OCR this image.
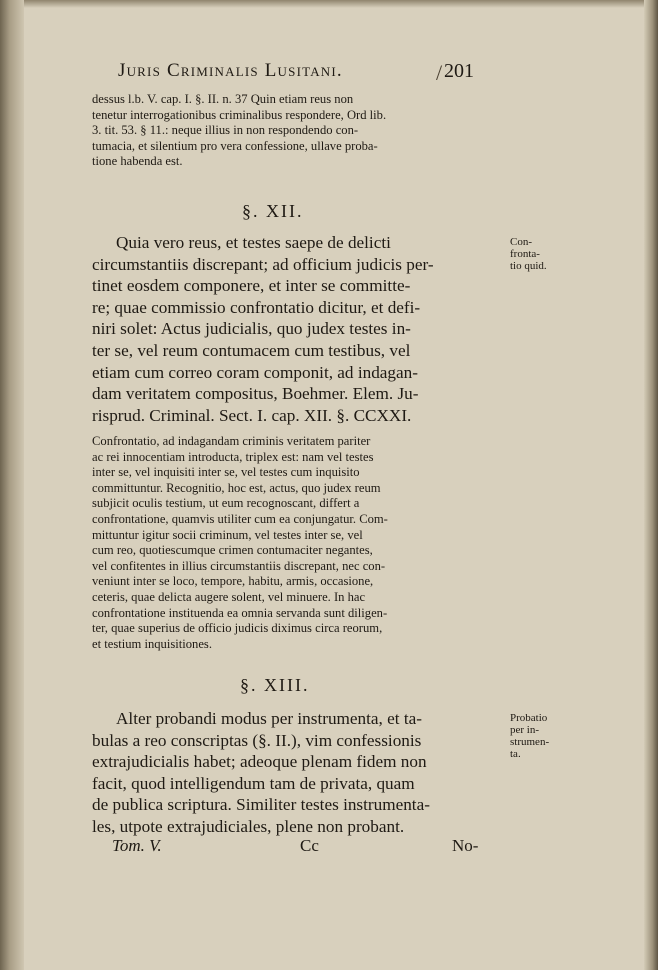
Juris Criminalis Lusitani.	201
/
dessus l.b. V. cap. I. §. II. n. 37 Quin etiam reus non
tenetur interrogationibus criminalibus respondere, Ord lib.
3. tit. 53. § 11.: neque illius in non respondendo con-
tumacia, et silentium pro vera confessione, ullave proba-
tione habenda est.
§. XII.
Quia vero reus, et testes saepe de delicti
circumstantiis discrepant; ad officium judicis per-
tinet eosdem componere, et inter se committe-
re; quae commissio confrontatio dicitur, et defi-
niri solet: Actus judicialis, quo judex testes in-
ter se, vel reum contumacem cum testibus, vel
etiam cum correo coram componit, ad indagan-
dam veritatem compositus, Boehmer. Elem. Ju-
risprud. Criminal. Sect. I. cap. XII. §. CCXXI.
Con-
fronta-
tio quid.
Confrontatio, ad indagandam criminis veritatem pariter
ac rei innocentiam introducta, triplex est: nam vel testes
inter se, vel inquisiti inter se, vel testes cum inquisito
committuntur. Recognitio, hoc est, actus, quo judex reum
subjicit oculis testium, ut eum recognoscant, differt a
confrontatione, quamvis utiliter cum ea conjungatur. Com-
mittuntur igitur socii criminum, vel testes inter se, vel
cum reo, quotiescumque crimen contumaciter negantes,
vel confitentes in illius circumstantiis discrepant, nec con-
veniunt inter se loco, tempore, habitu, armis, occasione,
ceteris, quae delicta augere solent, vel minuere. In hac
confrontatione instituenda ea omnia servanda sunt diligen-
ter, quae superius de officio judicis diximus circa reorum,
et testium inquisitiones.
§. XIII.
Alter probandi modus per instrumenta, et ta-
bulas a reo conscriptas (§. II.), vim confessionis
extrajudicialis habet; adeoque plenam fidem non
facit, quod intelligendum tam de privata, quam
de publica scriptura. Similiter testes instrumenta-
les, utpote extrajudiciales, plene non probant.
Probatio
per in-
strumen-
ta.
Tom. V.	Cc	No-
